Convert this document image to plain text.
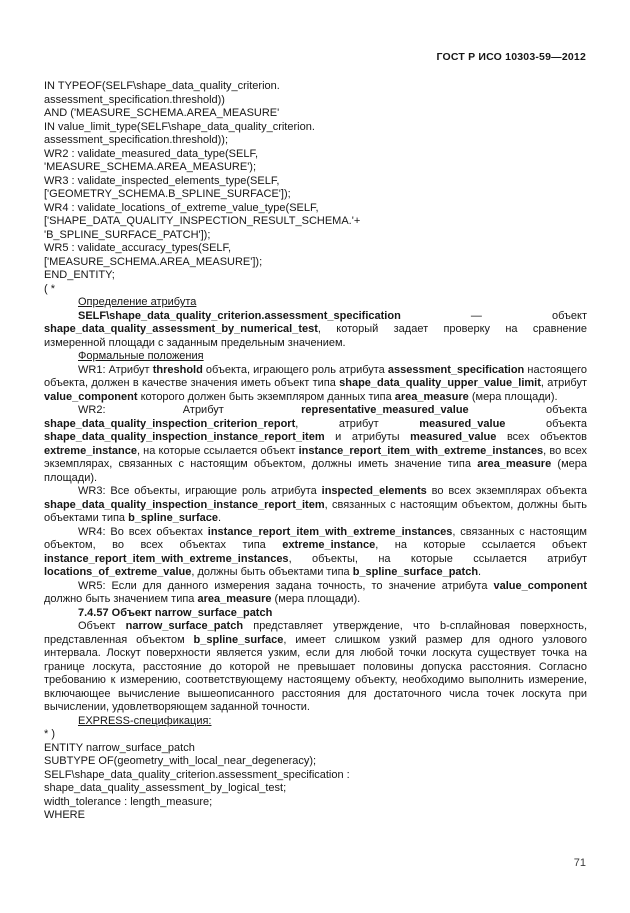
ГОСТ Р ИСО 10303-59—2012
IN TYPEOF(SELF\shape_data_quality_criterion.
assessment_specification.threshold))
AND ('MEASURE_SCHEMA.AREA_MEASURE'
IN value_limit_type(SELF\shape_data_quality_criterion.
assessment_specification.threshold));
WR2 : validate_measured_data_type(SELF,
'MEASURE_SCHEMA.AREA_MEASURE');
WR3 : validate_inspected_elements_type(SELF,
['GEOMETRY_SCHEMA.B_SPLINE_SURFACE']);
WR4 : validate_locations_of_extreme_value_type(SELF,
['SHAPE_DATA_QUALITY_INSPECTION_RESULT_SCHEMA.'+
'B_SPLINE_SURFACE_PATCH']);
WR5 : validate_accuracy_types(SELF,
['MEASURE_SCHEMA.AREA_MEASURE']);
END_ENTITY;
( *
Определение атрибута
SELF\shape_data_quality_criterion.assessment_specification — объект shape_data_quality_assessment_by_numerical_test, который задает проверку на сравнение измеренной площади с заданным предельным значением.
Формальные положения
WR1: Атрибут threshold объекта, играющего роль атрибута assessment_specification настоящего объекта, должен в качестве значения иметь объект типа shape_data_quality_upper_value_limit, атрибут value_component которого должен быть экземпляром данных типа area_measure (мера площади).
WR2: Атрибут representative_measured_value объекта shape_data_quality_inspection_criterion_report, атрибут measured_value объекта shape_data_quality_inspection_instance_report_item и атрибуты measured_value всех объектов extreme_instance, на которые ссылается объект instance_report_item_with_extreme_instances, во всех экземплярах, связанных с настоящим объектом, должны иметь значение типа area_measure (мера площади).
WR3: Все объекты, играющие роль атрибута inspected_elements во всех экземплярах объекта shape_data_quality_inspection_instance_report_item, связанных с настоящим объектом, должны быть объектами типа b_spline_surface.
WR4: Во всех объектах instance_report_item_with_extreme_instances, связанных с настоящим объектом, во всех объектах типа extreme_instance, на которые ссылается объект instance_report_item_with_extreme_instances, объекты, на которые ссылается атрибут locations_of_extreme_value, должны быть объектами типа b_spline_surface_patch.
WR5: Если для данного измерения задана точность, то значение атрибута value_component должно быть значением типа area_measure (мера площади).
7.4.57 Объект narrow_surface_patch
Объект narrow_surface_patch представляет утверждение, что b-сплайновая поверхность, представленная объектом b_spline_surface, имеет слишком узкий размер для одного узлового интервала. Лоскут поверхности является узким, если для любой точки лоскута существует точка на границе лоскута, расстояние до которой не превышает половины допуска расстояния. Согласно требованию к измерению, соответствующему настоящему объекту, необходимо выполнить измерение, включающее вычисление вышеописанного расстояния для достаточного числа точек лоскута при вычислении, удовлетворяющем заданной точности.
EXPRESS-спецификация:
* )
ENTITY narrow_surface_patch
SUBTYPE OF(geometry_with_local_near_degeneracy);
SELF\shape_data_quality_criterion.assessment_specification :
shape_data_quality_assessment_by_logical_test;
width_tolerance : length_measure;
WHERE
71
